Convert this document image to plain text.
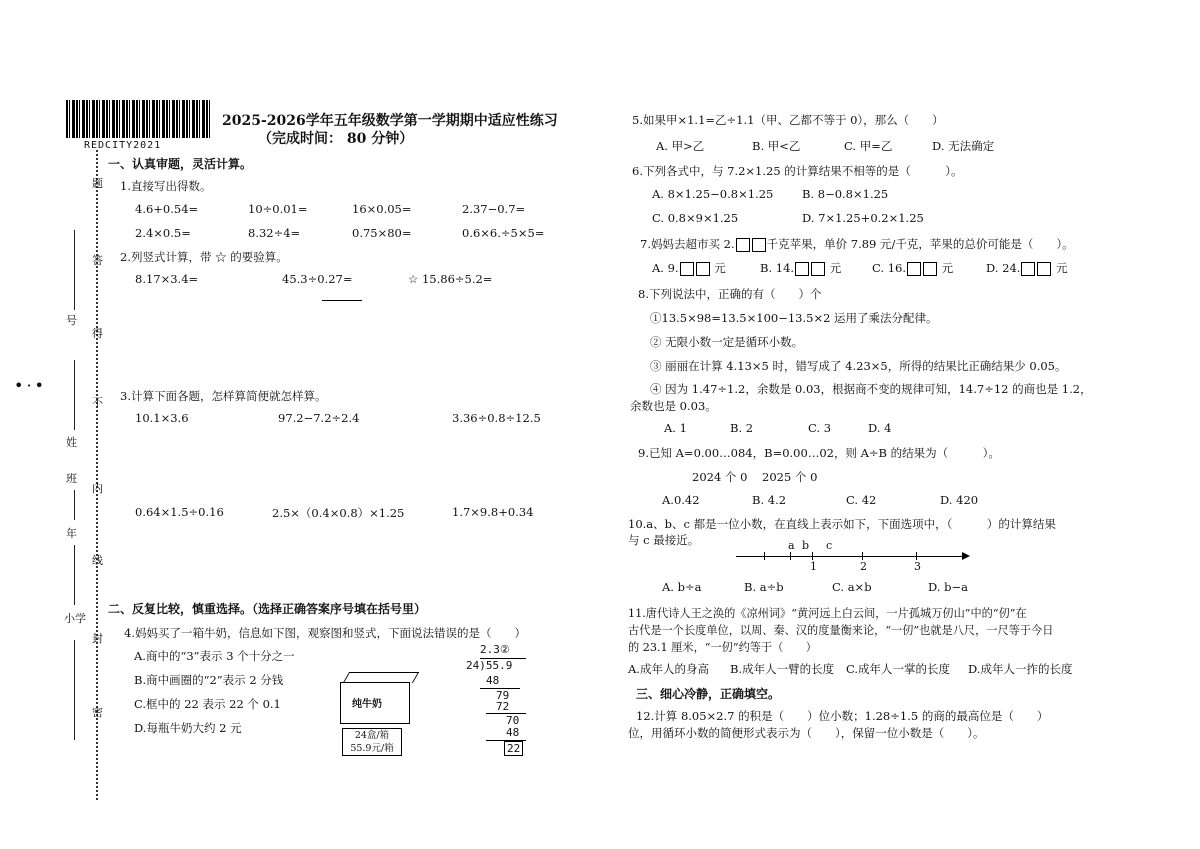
REDCITY2021
2025-2026学年五年级数学第一学期期中适应性练习
（完成时间： 80 分钟）
题
答
得
不
内
线
封
密
号
姓
班
年
小学
•·•
一、认真审题，灵活计算。
1.直接写出得数。
4.6+0.54=	10÷0.01=	16×0.05=	2.37−0.7=
2.4×0.5=	8.32÷4=	0.75×80=	0.6×6.÷5×5=
2.列竖式计算，带 ☆ 的要验算。
8.17×3.4=	45.3÷0.27=	☆ 15.86÷5.2=
3.计算下面各题，怎样算简便就怎样算。
10.1×3.6	97.2−7.2÷2.4	3.36÷0.8÷12.5
0.64×1.5÷0.16	2.5×（0.4×0.8）×1.25	1.7×9.8+0.34
二、反复比较，慎重选择。（选择正确答案序号填在括号里）
4.妈妈买了一箱牛奶，信息如下图，观察图和竖式，下面说法错误的是（　　）
A.商中的“3”表示 3 个十分之一
B.商中画圈的“2”表示 2 分钱
C.框中的 22 表示 22 个 0.1
D.每瓶牛奶大约 2 元
纯牛奶
24盒/箱
55.9元/箱
2.3②
24)55.9
48
79
72
70
48
22
5.如果甲×1.1=乙÷1.1（甲、乙都不等于 0），那么（　　）
A. 甲>乙	B. 甲<乙	C. 甲=乙	D. 无法确定
6.下列各式中，与 7.2×1.25 的计算结果不相等的是（　　　）。
A. 8×1.25−0.8×1.25 B. 8−0.8×1.25
C. 0.8×9×1.25	D. 7×1.25+0.2×1.25
7.妈妈去超市买 2.	千克苹果，单价 7.89 元/千克，苹果的总价可能是（　　）。
A. 9.	元	B. 14.	元	C. 16.	元	D. 24.	元
8.下列说法中，正确的有（　　）个
①13.5×98=13.5×100−13.5×2 运用了乘法分配律。
② 无限小数一定是循环小数。
③ 丽丽在计算 4.13×5 时，错写成了 4.23×5，所得的结果比正确结果少 0.05。
④ 因为 1.47÷1.2，余数是 0.03，根据商不变的规律可知，14.7÷12 的商也是 1.2，
余数也是 0.03。
A. 1	B. 2	C. 3	D. 4
9.已知 A=0.00…084，B=0.00…02，则 A÷B 的结果为（　　　）。
2024 个 0 2025 个 0
A.0.42	B. 4.2	C. 42	D. 420
10.a、b、c 都是一位小数，在直线上表示如下，下面选项中，（　　　）的计算结果
与 c 最接近。	a b c
1	2	3
A. b÷a	B. a÷b	C. a×b	D. b−a
11.唐代诗人王之涣的《凉州词》“黄河远上白云间，一片孤城万仞山”中的“仞”在
古代是一个长度单位，以周、秦、汉的度量衡来论，“一仞”也就是八尺，一尺等于今日
的 23.1 厘米，“一仞”约等于（　　）
A.成年人的身高 B.成年人一臂的长度 C.成年人一掌的长度 D.成年人一拃的长度
三、细心冷静，正确填空。
12.计算 8.05×2.7 的积是（　　）位小数；1.28÷1.5 的商的最高位是（　　）
位，用循环小数的简便形式表示为（　　），保留一位小数是（　　）。
